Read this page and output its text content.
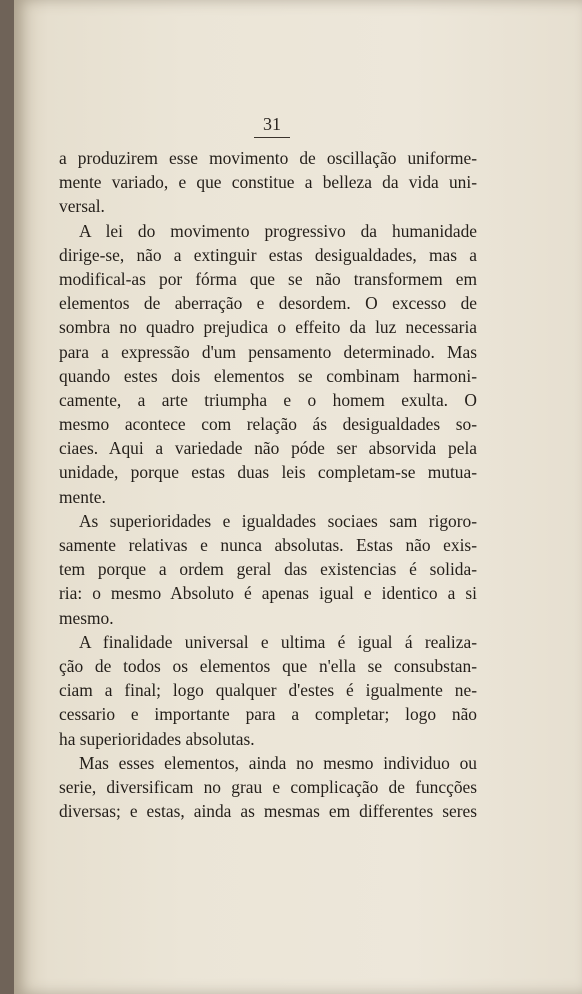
31
a produzirem esse movimento de oscillação uniforme-
mente variado, e que constitue a belleza da vida uni-
versal.
A lei do movimento progressivo da humanidade
dirige-se, não a extinguir estas desigualdades, mas a
modifical-as por fórma que se não transformem em
elementos de aberração e desordem. O excesso de
sombra no quadro prejudica o effeito da luz necessaria
para a expressão d'um pensamento determinado. Mas
quando estes dois elementos se combinam harmoni-
camente, a arte triumpha e o homem exulta. O
mesmo acontece com relação ás desigualdades so-
ciaes. Aqui a variedade não póde ser absorvida pela
unidade, porque estas duas leis completam-se mutua-
mente.
As superioridades e igualdades sociaes sam rigoro-
samente relativas e nunca absolutas. Estas não exis-
tem porque a ordem geral das existencias é solida-
ria: o mesmo Absoluto é apenas igual e identico a si
mesmo.
A finalidade universal e ultima é igual á realiza-
ção de todos os elementos que n'ella se consubstan-
ciam a final; logo qualquer d'estes é igualmente ne-
cessario e importante para a completar; logo não
ha superioridades absolutas.
Mas esses elementos, ainda no mesmo individuo ou
serie, diversificam no grau e complicação de funcções
diversas; e estas, ainda as mesmas em differentes seres
